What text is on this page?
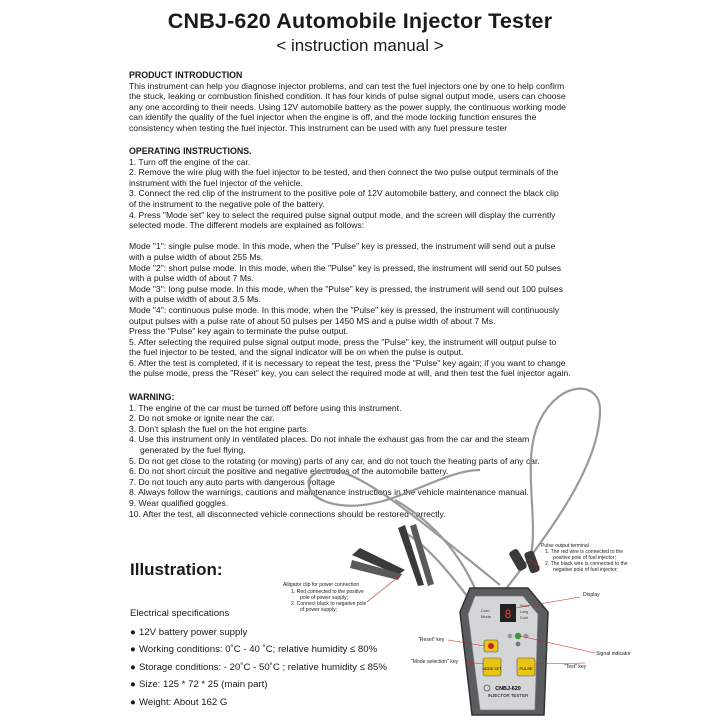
CNBJ-620 Automobile Injector Tester
< instruction manual >

PRODUCT INTRODUCTION

This instrument can help you diagnose injector problems, and can test the fuel injectors one by one to help confirm

the stuck, leaking or combustion finished condition. It has four kinds of pulse signal output mode, users can choose

any one according to their needs. Using 12V automobile battery as the power supply, the continuous working mode

can identify the quality of the fuel injector when the engine is off, and the mode locking function ensures the

consistency when testing the fuel injector. This instrument can be used with any fuel pressure tester

OPERATING INSTRUCTIONS.

1. Turn off the engine of the car.

2. Remove the wire plug with the fuel injector to be tested, and then connect the two pulse output terminals of the

instrument with the fuel injector of the vehicle.

3. Connect the red clip of the instrument to the positive pole of 12V automobile battery, and connect the black clip

of the instrument to the negative pole of the battery.

4. Press "Mode set" key to select the required pulse signal output mode, and the screen will display the currently

selected mode. The different models are explained as follows:

Mode "1": single pulse mode. In this mode, when the "Pulse" key is pressed, the instrument will send out a pulse

with a pulse width of about 255 Ms.

Mode "2": short pulse mode. In this mode, when the "Pulse" key is pressed, the instrument will send out 50 pulses

with a pulse width of about 7 Ms.

Mode "3": long pulse mode. In this mode, when the "Pulse" key is pressed, the instrument will send out 100 pulses

with a pulse width of about 3.5 Ms.

Mode "4": continuous pulse mode. In this mode, when the "Pulse" key is pressed, the instrument will continuously

output pulses with a pulse rate of about 50 pulses per 1450 MS and a pulse width of about 7 Ms.

Press the "Pulse" key again to terminate the pulse output.

5. After selecting the required pulse signal output mode, press the "Pulse" key, the instrument will output pulse to

the fuel injector to be tested, and the signal indicator will be on when the pulse is output.

6. After the test is completed, if it is necessary to repeat the test, press the "Pulse" key again; if you want to change

the pulse mode, press the "Reset" key, you can select the required mode at will, and then test the fuel injector again.

WARNING:

1. The engine of the car must be turned off before using this instrument.

2. Do not smoke or ignite near the car.

3. Don't splash the fuel on the hot engine parts.

4. Use this instrument only in ventilated places. Do not inhale the exhaust gas from the car and the steam

generated by the fuel flying.

5. Do not get close to the rotating (or moving) parts of any car, and do not touch the heating parts of any car.

6. Do not short circuit the positive and negative electrodes of the automobile battery.

7. Do not touch any auto parts with dangerous voltage

8. Always follow the warnings, cautions and maintenance instructions in the vehicle maintenance manual.

9. Wear qualified goggles.

10. After the test, all disconnected vehicle connections should be restored correctly.

Illustration:

Electrical specifications

● 12V battery power supply

● Working conditions: 0˚C - 40 ˚C; relative humidity ≤ 80%

● Storage conditions: - 20˚C - 50˚C ; relative humidity ≤ 85%

● Size: 125 * 72 * 25 (main part)

● Weight: About 162 G

8
Com
Mode
Short
Long
Cont
MODE SET	PULSE
CNBJ-620
INJECTOR TESTER
Alligator clip for power connection
1. Red connected to the positive
pole of power supply;
2. Connect black to negative pole
of power supply;
Pulse output terminal
1. The red wire is connected to the
positive pole of fuel injector;
2. The black wire is connected to the
negative pole of fuel injector;
Display
"Reset" key
Signal indicator
"Mode selection" key
"Test" key
